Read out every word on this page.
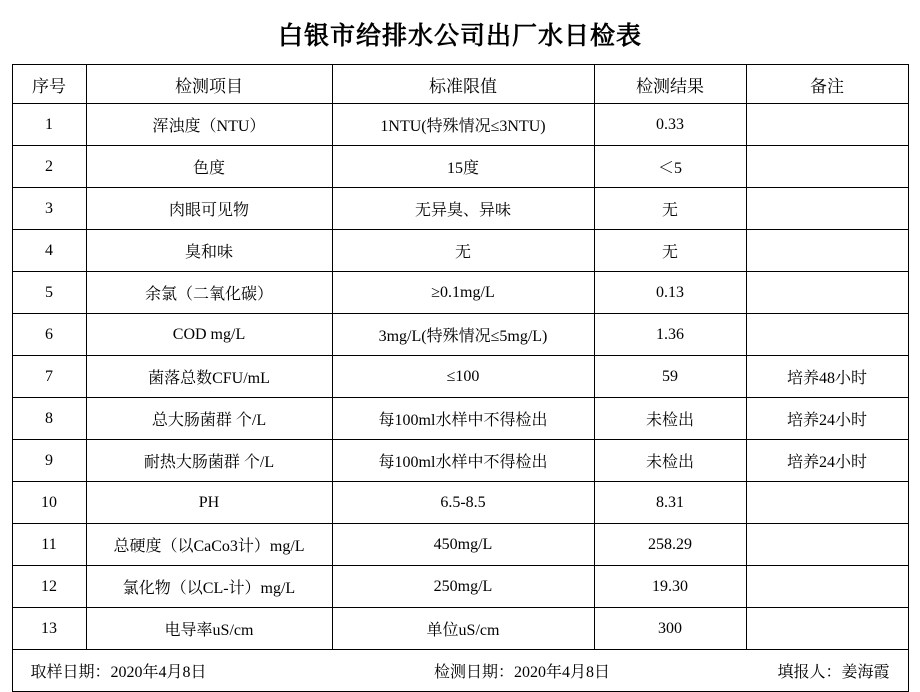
白银市给排水公司出厂水日检表
序号	检测项目	标准限值	检测结果	备注
1	浑浊度（NTU）	1NTU(特殊情况≤3NTU)	0.33	
2	色度	15度	＜5	
3	肉眼可见物	无异臭、异味	无	
4	臭和味	无	无	
5	余氯（二氧化碳）	≥0.1mg/L	0.13	
6	COD mg/L	3mg/L(特殊情况≤5mg/L)	1.36	
7	菌落总数CFU/mL	≤100	59	培养48小时
8	总大肠菌群 个/L	每100ml水样中不得检出	未检出	培养24小时
9	耐热大肠菌群 个/L	每100ml水样中不得检出	未检出	培养24小时
10	PH	6.5-8.5	8.31	
11	总硬度（以CaCo3计）mg/L	450mg/L	258.29	
12	氯化物（以CL-计）mg/L	250mg/L	19.30	
13	电导率uS/cm	单位uS/cm	300	

取样日期：2020年4月8日 检测日期：2020年4月8日 填报人：姜海霞				
